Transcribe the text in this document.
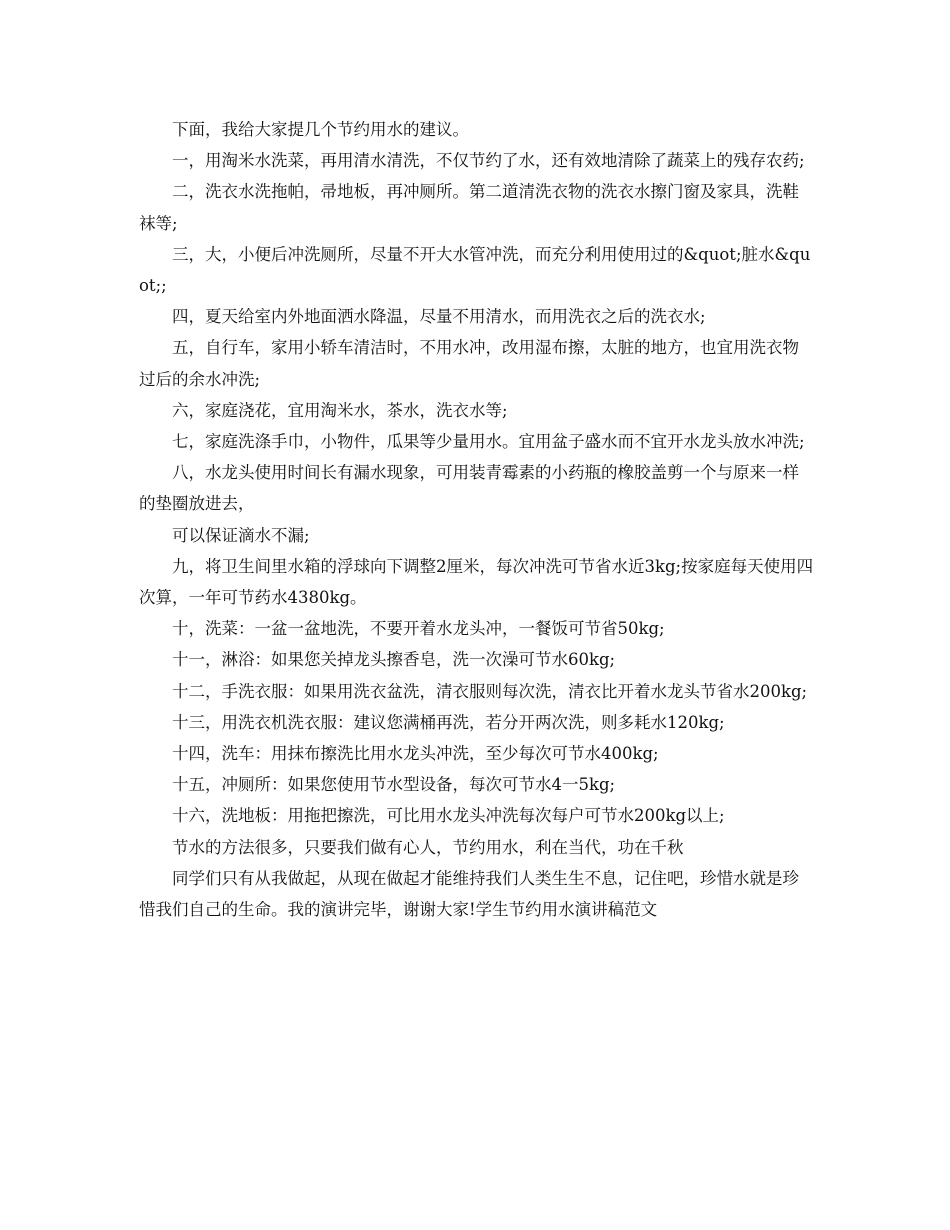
下面，我给大家提几个节约用水的建议。

一，用淘米水洗菜，再用清水清洗，不仅节约了水，还有效地清除了蔬菜上的残存农药;

二，洗衣水洗拖帕，帚地板，再冲厕所。第二道清洗衣物的洗衣水擦门窗及家具，洗鞋袜等;

三，大，小便后冲洗厕所，尽量不开大水管冲洗，而充分利用使用过的&quot;脏水&quot;;

四，夏天给室内外地面洒水降温，尽量不用清水，而用洗衣之后的洗衣水;

五，自行车，家用小轿车清洁时，不用水冲，改用湿布擦，太脏的地方，也宜用洗衣物过后的余水冲洗;

六，家庭浇花，宜用淘米水，茶水，洗衣水等;

七，家庭洗涤手巾，小物件，瓜果等少量用水。宜用盆子盛水而不宜开水龙头放水冲洗;

八，水龙头使用时间长有漏水现象，可用装青霉素的小药瓶的橡胶盖剪一个与原来一样的垫圈放进去，

可以保证滴水不漏;

九，将卫生间里水箱的浮球向下调整2厘米，每次冲洗可节省水近3kg;按家庭每天使用四次算，一年可节药水4380kg。

十，洗菜：一盆一盆地洗，不要开着水龙头冲，一餐饭可节省50kg;

十一，淋浴：如果您关掉龙头擦香皂，洗一次澡可节水60kg;

十二，手洗衣服：如果用洗衣盆洗，清衣服则每次洗，清衣比开着水龙头节省水200kg;

十三，用洗衣机洗衣服：建议您满桶再洗，若分开两次洗，则多耗水120kg;

十四，洗车：用抹布擦洗比用水龙头冲洗，至少每次可节水400kg;

十五，冲厕所：如果您使用节水型设备，每次可节水4一5kg;

十六，洗地板：用拖把擦洗，可比用水龙头冲洗每次每户可节水200kg以上;

节水的方法很多，只要我们做有心人，节约用水，利在当代，功在千秋

同学们只有从我做起，从现在做起才能维持我们人类生生不息，记住吧，珍惜水就是珍惜我们自己的生命。我的演讲完毕，谢谢大家!学生节约用水演讲稿范文
